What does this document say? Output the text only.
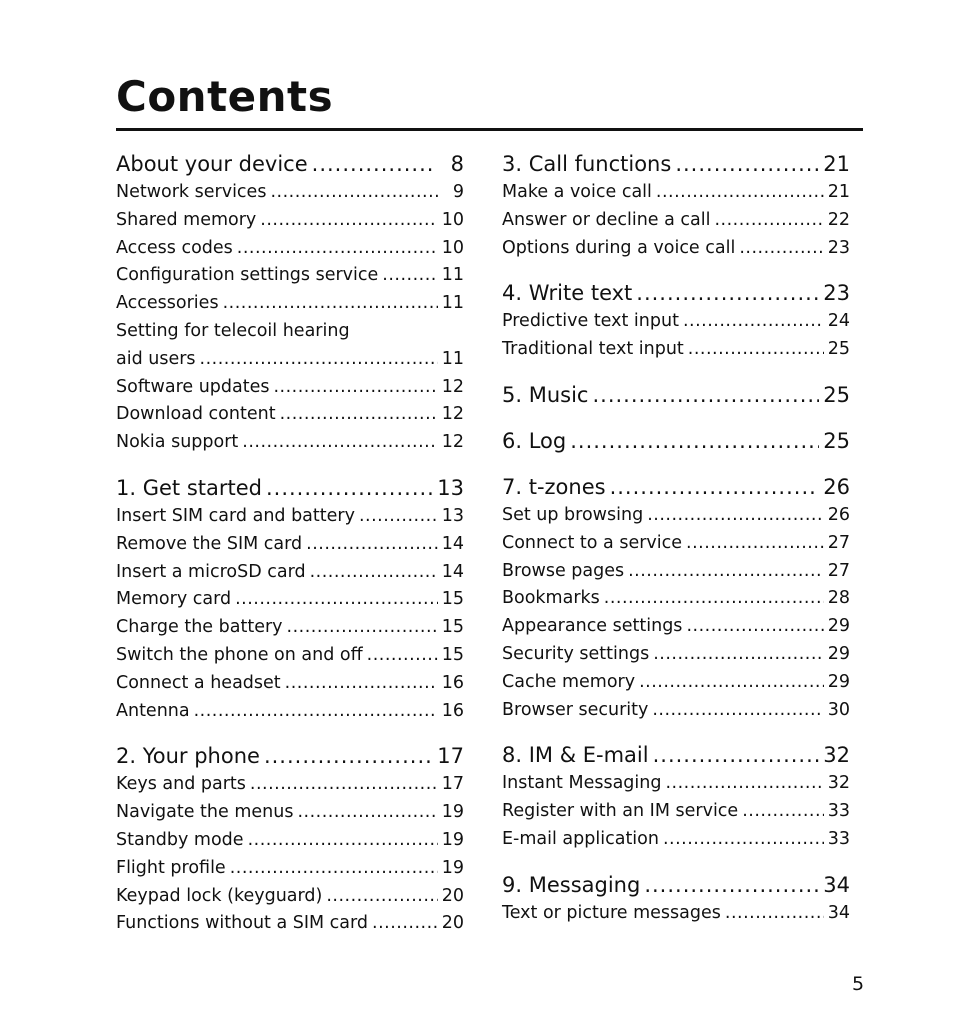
Contents
About your device .....	8
Network services .....	9
Shared memory .....	10
Access codes .....	10
Configuration settings service .....	11
Accessories .....	11
Setting for telecoil hearing
aid users .....	11
Software updates .....	12
Download content .....	12
Nokia support .....	12
1. Get started .....	13
Insert SIM card and battery .....	13
Remove the SIM card .....	14
Insert a microSD card .....	14
Memory card .....	15
Charge the battery .....	15
Switch the phone on and off .....	15
Connect a headset .....	16
Antenna .....	16
2. Your phone .....	17
Keys and parts .....	17
Navigate the menus .....	19
Standby mode .....	19
Flight profile .....	19
Keypad lock (keyguard) .....	20
Functions without a SIM card .....	20
3. Call functions .....	21
Make a voice call .....	21
Answer or decline a call .....	22
Options during a voice call .....	23
4. Write text .....	23
Predictive text input .....	24
Traditional text input .....	25
5. Music .....	25
6. Log .....	25
7. t-zones .....	26
Set up browsing .....	26
Connect to a service .....	27
Browse pages .....	27
Bookmarks .....	28
Appearance settings .....	29
Security settings .....	29
Cache memory .....	29
Browser security .....	30
8. IM & E-mail .....	32
Instant Messaging .....	32
Register with an IM service .....	33
E-mail application .....	33
9. Messaging .....	34
Text or picture messages .....	34
5
